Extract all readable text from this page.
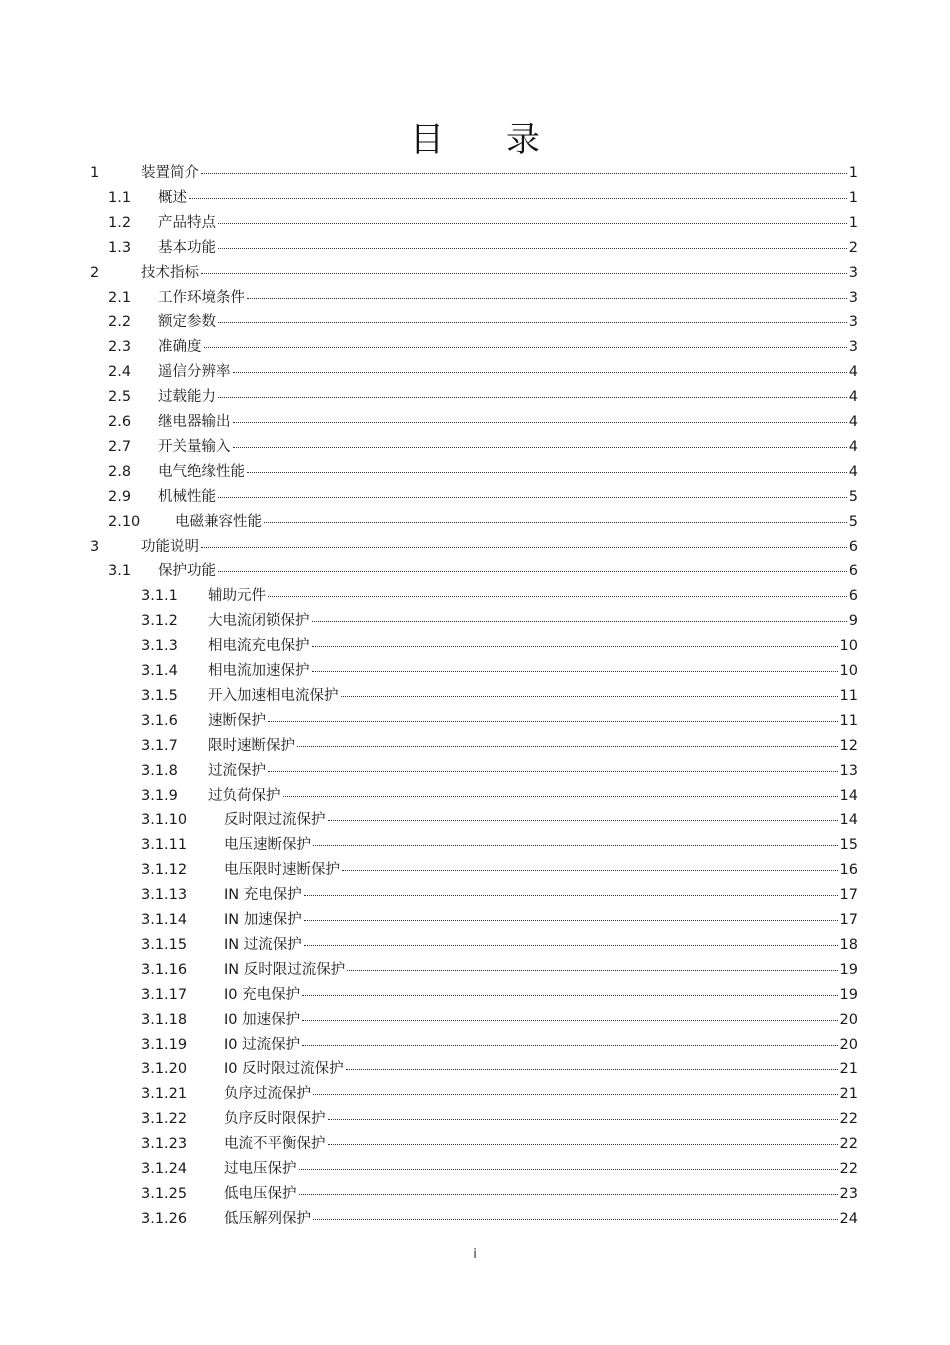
目 录
1	装置简介	1
1.1 概述	1
1.2 产品特点	1
1.3 基本功能	2
2	技术指标	3
2.1 工作环境条件	3
2.2 额定参数	3
2.3 准确度	3
2.4 遥信分辨率	4
2.5 过载能力	4
2.6 继电器输出	4
2.7 开关量输入	4
2.8 电气绝缘性能	4
2.9 机械性能	5
2.10 电磁兼容性能	5
3	功能说明	6
3.1 保护功能	6
3.1.1 辅助元件	6
3.1.2 大电流闭锁保护	9
3.1.3 相电流充电保护	10
3.1.4 相电流加速保护	10
3.1.5 开入加速相电流保护	11
3.1.6 速断保护	11
3.1.7 限时速断保护	12
3.1.8 过流保护	13
3.1.9 过负荷保护	14
3.1.10	反时限过流保护	14
3.1.11	电压速断保护	15
3.1.12	电压限时速断保护	16
3.1.13	IN 充电保护	17
3.1.14	IN 加速保护	17
3.1.15	IN 过流保护	18
3.1.16	IN 反时限过流保护	19
3.1.17	I0 充电保护	19
3.1.18	I0 加速保护	20
3.1.19	I0 过流保护	20
3.1.20	I0 反时限过流保护	21
3.1.21	负序过流保护	21
3.1.22	负序反时限保护	22
3.1.23	电流不平衡保护	22
3.1.24	过电压保护	22
3.1.25	低电压保护	23
3.1.26	低压解列保护	24
i
